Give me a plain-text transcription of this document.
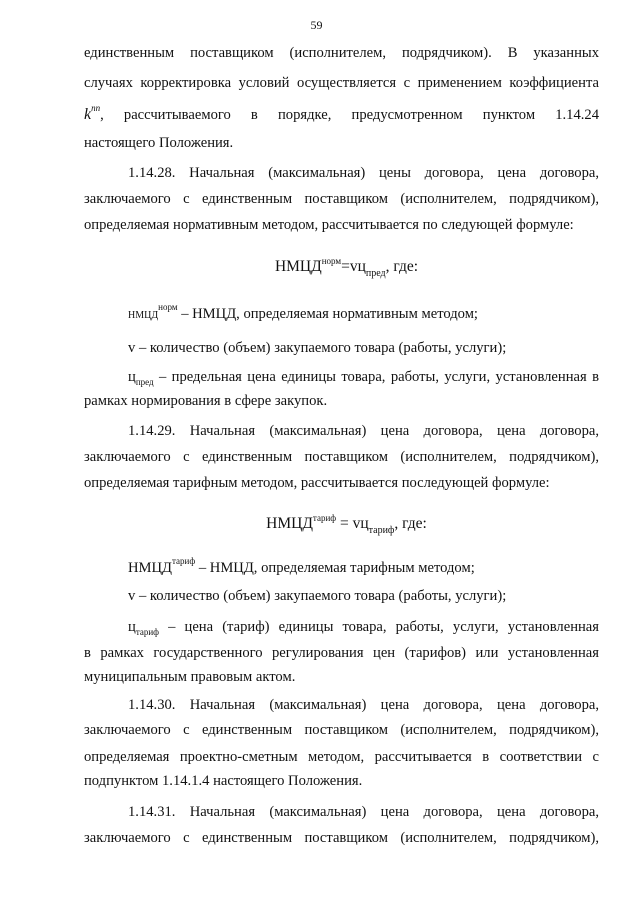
59
единственным поставщиком (исполнителем, подрядчиком). В указанных
случаях корректировка условий осуществляется с применением коэффициента
$k^{пп}$, рассчитываемого в порядке, предусмотренном пунктом 1.14.24
настоящего Положения.
1.14.28. Начальная (максимальная) цены договора, цена договора,
заключаемого с единственным поставщиком (исполнителем, подрядчиком),
определяемая нормативным методом, рассчитывается по следующей формуле:
$НМЦД^{норм}=vц_{пред}$, где:
$НМЦД^{норм}$ – НМЦД, определяемая нормативным методом;
v – количество (объем) закупаемого товара (работы, услуги);
$ц_{пред}$ – предельная цена единицы товара, работы, услуги, установленная в
рамках нормирования в сфере закупок.
1.14.29. Начальная (максимальная) цена договора, цена договора,
заключаемого с единственным поставщиком (исполнителем, подрядчиком),
определяемая тарифным методом, рассчитывается последующей формуле:
$НМЦД^{тариф} = vц_{тариф}$, где:
$НМЦД^{тариф}$ – НМЦД, определяемая тарифным методом;
v – количество (объем) закупаемого товара (работы, услуги);
$ц_{тариф}$ – цена (тариф) единицы товара, работы, услуги, установленная
в рамках государственного регулирования цен (тарифов) или установленная
муниципальным правовым актом.
1.14.30. Начальная (максимальная) цена договора, цена договора,
заключаемого с единственным поставщиком (исполнителем, подрядчиком),
определяемая проектно-сметным методом, рассчитывается в соответствии с
подпунктом 1.14.1.4 настоящего Положения.
1.14.31. Начальная (максимальная) цена договора, цена договора,
заключаемого с единственным поставщиком (исполнителем, подрядчиком),
